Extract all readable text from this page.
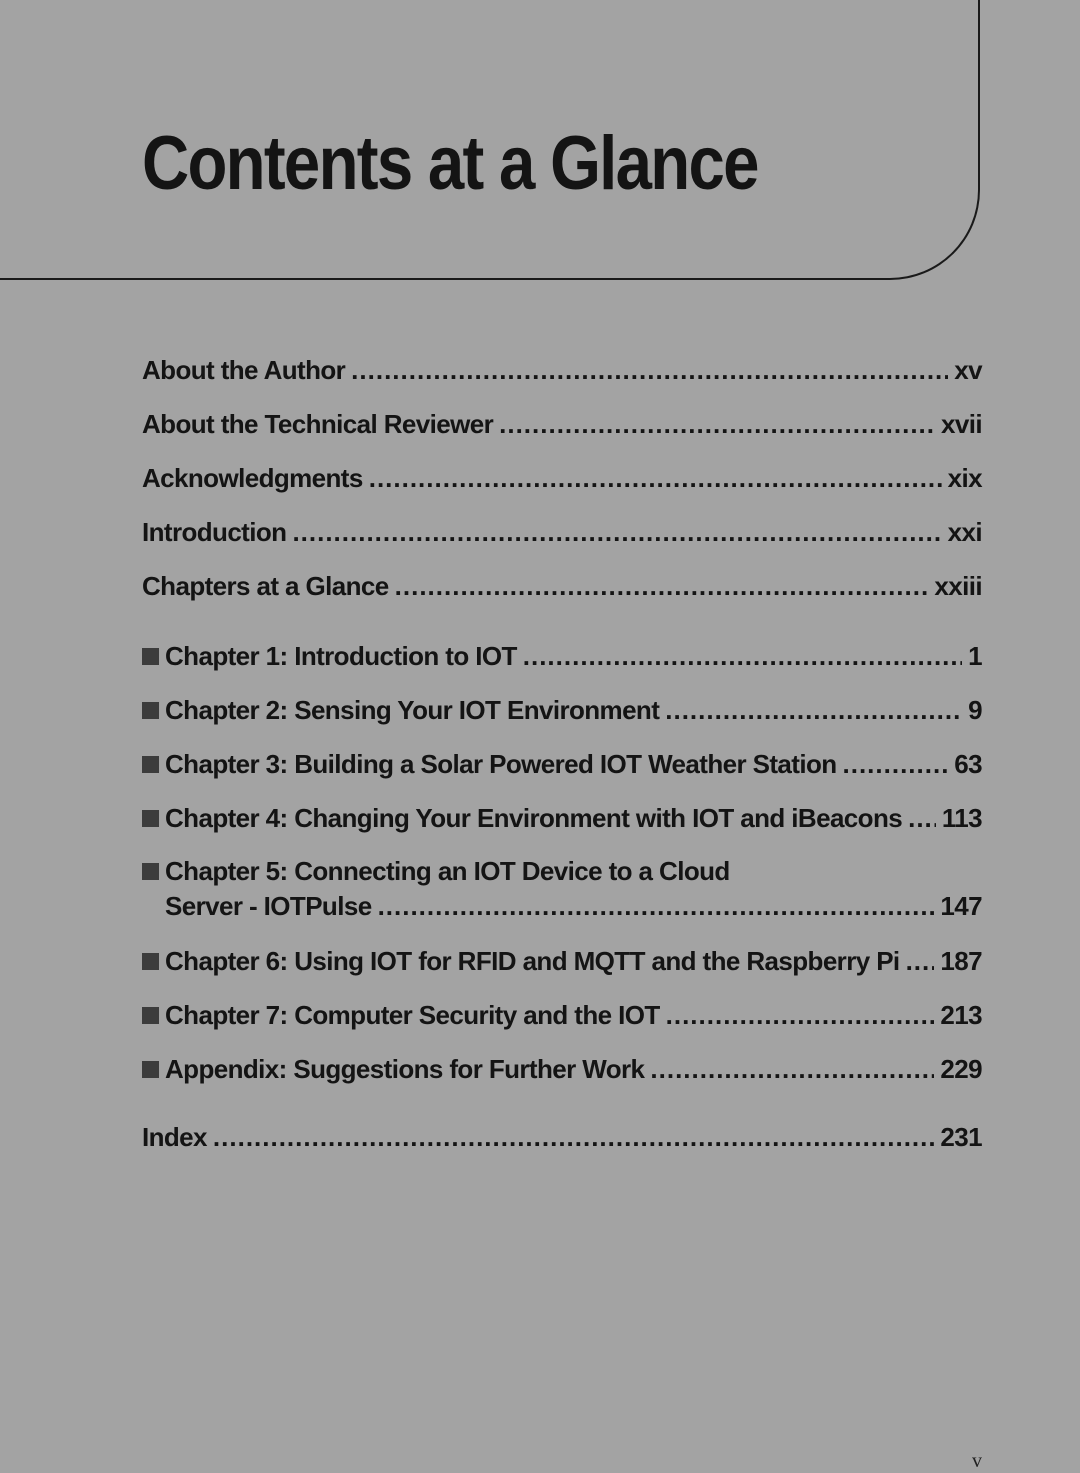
Contents at a Glance
About the Author .....	xv
About the Technical Reviewer .....	xvii
Acknowledgments .....	xix
Introduction .....	xxi
Chapters at a Glance .....	xxiii
Chapter 1: Introduction to IOT .....	1
Chapter 2: Sensing Your IOT Environment .....	9
Chapter 3: Building a Solar Powered IOT Weather Station .....	63
Chapter 4: Changing Your Environment with IOT and iBeacons ..... 113
Chapter 5: Connecting an IOT Device to a Cloud
Server - IOTPulse .....	147
Chapter 6: Using IOT for RFID and MQTT and the Raspberry Pi ..... 187
Chapter 7: Computer Security and the IOT .....	213
Appendix: Suggestions for Further Work .....	229
Index .....	231
v
